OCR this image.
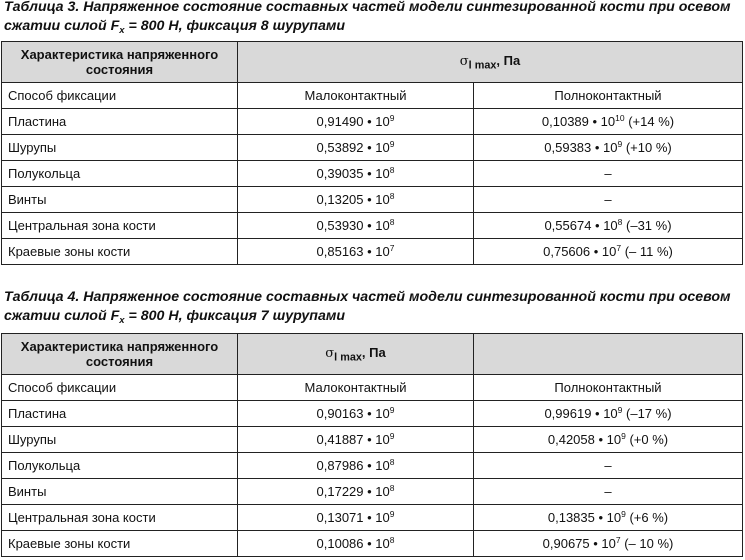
Таблица 3. Напряженное состояние составных частей модели синтезированной кости при осевом сжатии силой $F_x = 800$ Н, фиксация 8 шурупами
Характеристика напряженного состояния	$\sigma_{l max}$, Па	
Способ фиксации	Малоконтактный	Полноконтактный
Пластина	0,91490 • $10^9$	0,10389 • $10^{10}$ (+14 %)
Шурупы	0,53892 • $10^9$	0,59383 • $10^9$ (+10 %)
Полукольца	0,39035 • $10^8$	–
Винты	0,13205 • $10^8$	–
Центральная зона кости	0,53930 • $10^8$	0,55674 • $10^8$ (–31 %)
Краевые зоны кости	0,85163 • $10^7$	0,75606 • $10^7$ (– 11 %)
Таблица 4. Напряженное состояние составных частей модели синтезированной кости при осевом сжатии силой $F_x = 800$ Н, фиксация 7 шурупами
Характеристика напряженного состояния	$\sigma_{l max}$, Па	
Способ фиксации	Малоконтактный	Полноконтактный
Пластина	0,90163 • $10^9$	0,99619 • $10^9$ (–17 %)
Шурупы	0,41887 • $10^9$	0,42058 • $10^9$ (+0 %)
Полукольца	0,87986 • $10^8$	–
Винты	0,17229 • $10^8$	–
Центральная зона кости	0,13071 • $10^9$	0,13835 • $10^9$ (+6 %)
Краевые зоны кости	0,10086 • $10^8$	0,90675 • $10^7$ (– 10 %)
